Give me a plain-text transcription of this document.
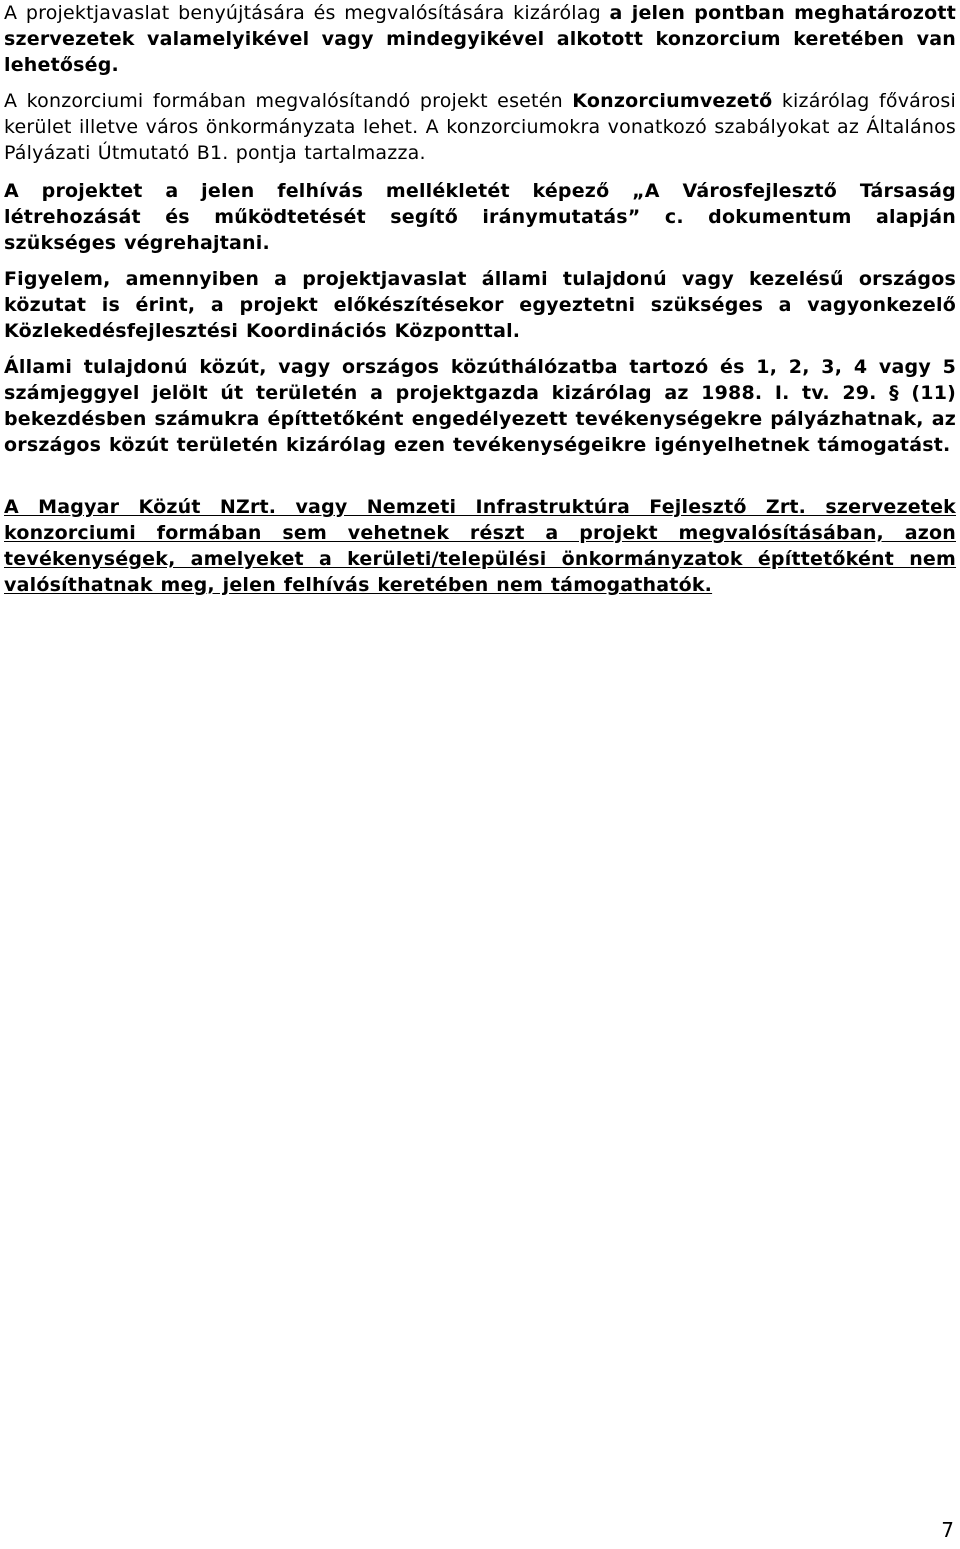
A projektjavaslat benyújtására és megvalósítására kizárólag a jelen pontban meghatározott szervezetek valamelyikével vagy mindegyikével alkotott konzorcium keretében van lehetőség.

A konzorciumi formában megvalósítandó projekt esetén Konzorciumvezető kizárólag fővárosi kerület illetve város önkormányzata lehet. A konzorciumokra vonatkozó szabályokat az Általános Pályázati Útmutató B1. pontja tartalmazza.

A projektet a jelen felhívás mellékletét képező „A Városfejlesztő Társaság létrehozását és működtetését segítő iránymutatás” c. dokumentum alapján szükséges végrehajtani.

Figyelem, amennyiben a projektjavaslat állami tulajdonú vagy kezelésű országos közutat is érint, a projekt előkészítésekor egyeztetni szükséges a vagyonkezelő Közlekedésfejlesztési Koordinációs Központtal.

Állami tulajdonú közút, vagy országos közúthálózatba tartozó és 1, 2, 3, 4 vagy 5 számjeggyel jelölt út területén a projektgazda kizárólag az 1988. I. tv. 29. § (11) bekezdésben számukra építtetőként engedélyezett tevékenységekre pályázhatnak, az országos közút területén kizárólag ezen tevékenységeikre igényelhetnek támogatást.

A Magyar Közút NZrt. vagy Nemzeti Infrastruktúra Fejlesztő Zrt. szervezetek konzorciumi formában sem vehetnek részt a projekt megvalósításában, azon tevékenységek, amelyeket a kerületi/települési önkormányzatok építtetőként nem valósíthatnak meg, jelen felhívás keretében nem támogathatók.

7
